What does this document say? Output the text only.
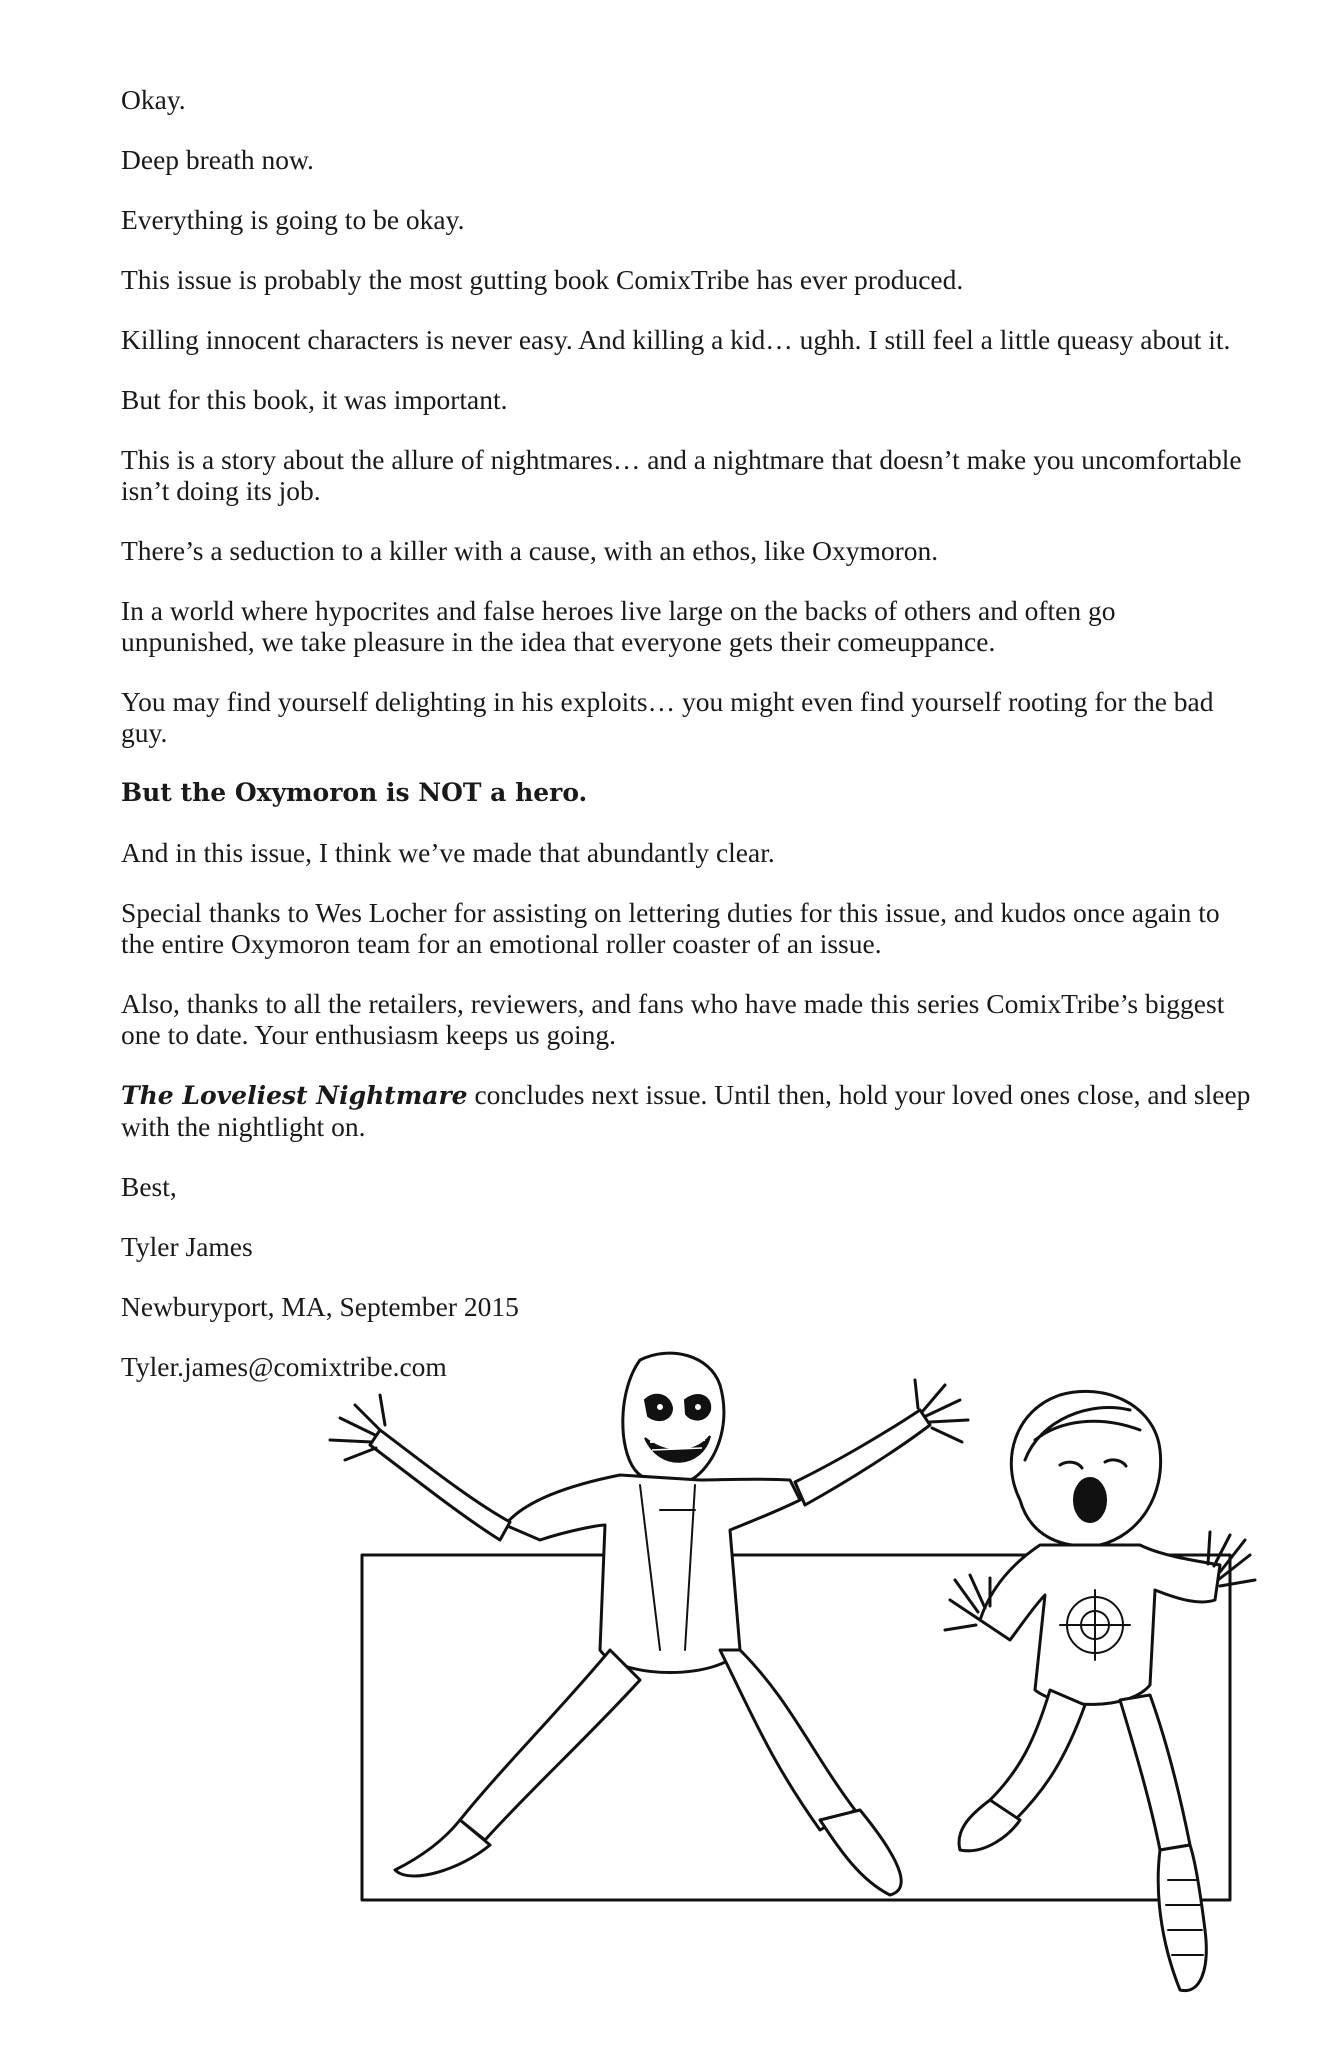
Okay.

Deep breath now.

Everything is going to be okay.

This issue is probably the most gutting book ComixTribe has ever produced.

Killing innocent characters is never easy. And killing a kid… ughh. I still feel a little queasy about it.

But for this book, it was important.

This is a story about the allure of nightmares… and a nightmare that doesn’t make you uncomfortable isn’t doing its job.

There’s a seduction to a killer with a cause, with an ethos, like Oxymoron.

In a world where hypocrites and false heroes live large on the backs of others and often go unpunished, we take pleasure in the idea that everyone gets their comeuppance.

You may find yourself delighting in his exploits… you might even find yourself rooting for the bad guy.

But the Oxymoron is NOT a hero.

And in this issue, I think we’ve made that abundantly clear.

Special thanks to Wes Locher for assisting on lettering duties for this issue, and kudos once again to the entire Oxymoron team for an emotional roller coaster of an issue.

Also, thanks to all the retailers, reviewers, and fans who have made this series ComixTribe’s biggest one to date. Your enthusiasm keeps us going.

The Loveliest Nightmare concludes next issue. Until then, hold your loved ones close, and sleep with the nightlight on.

Best,

Tyler James

Newburyport, MA, September 2015

Tyler.james@comixtribe.com
